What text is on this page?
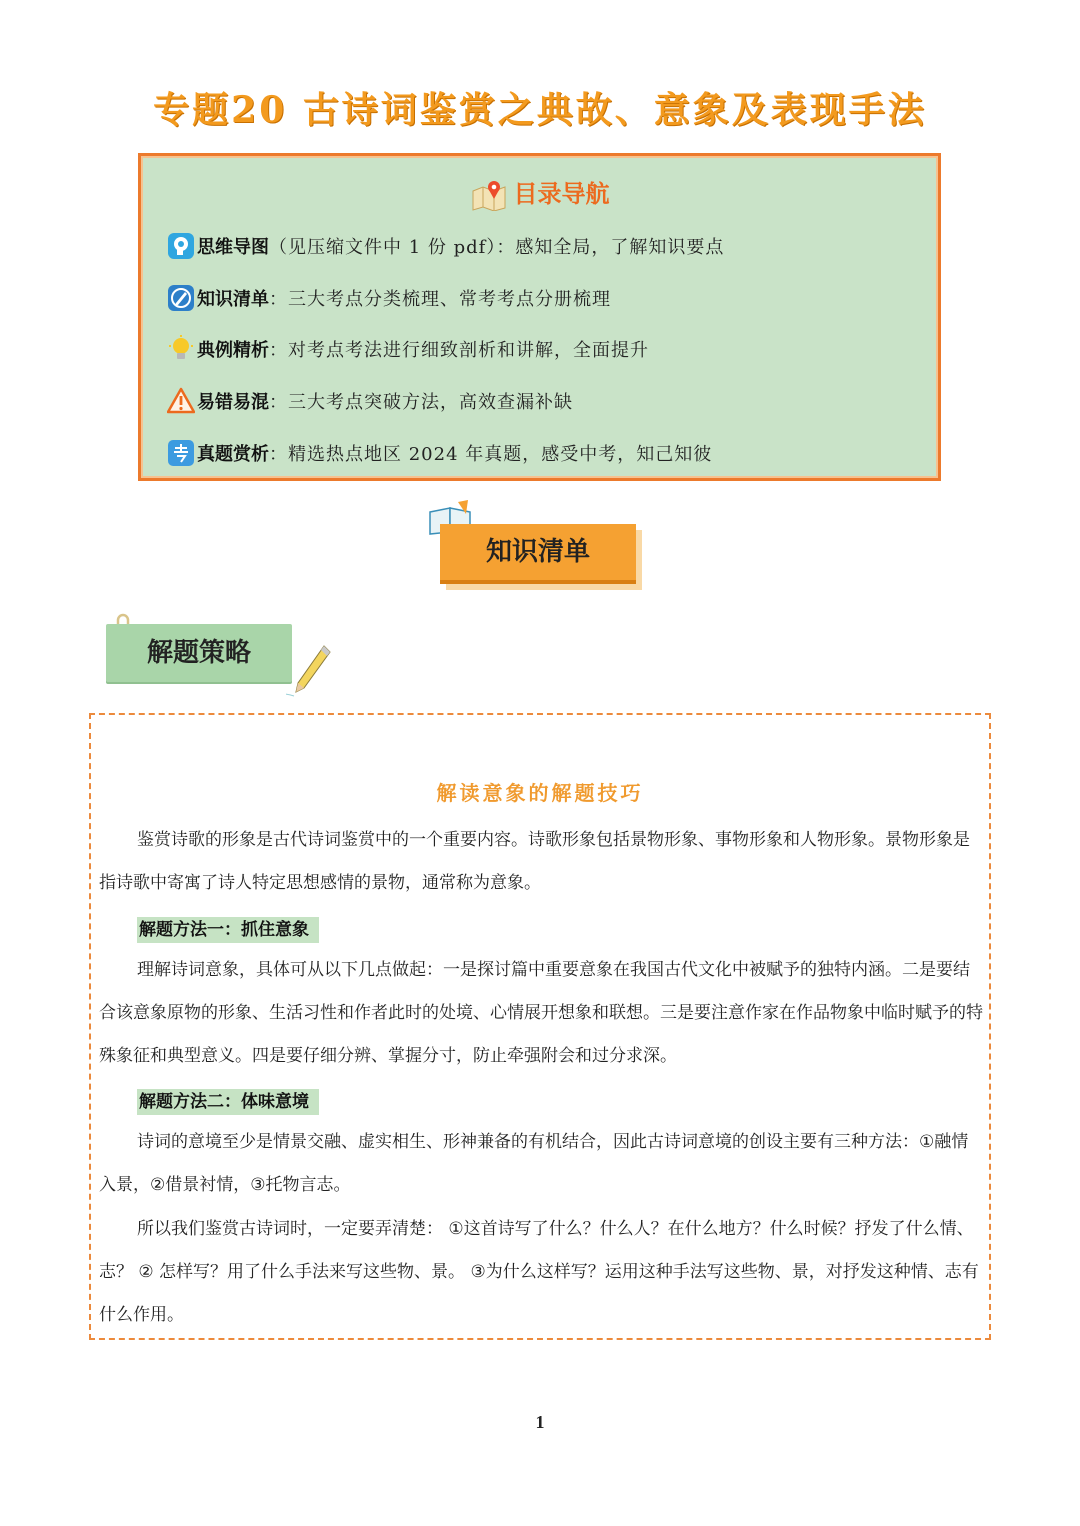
专题20 古诗词鉴赏之典故、意象及表现手法
目录导航
思维导图 （见压缩文件中 1 份 pdf）：感知全局，了解知识要点
知识清单 ：三大考点分类梳理、常考考点分册梳理
典例精析 ：对考点考法进行细致剖析和讲解，全面提升
易错易混 ：三大考点突破方法，高效查漏补缺
真题赏析 ：精选热点地区 2024 年真题，感受中考，知己知彼
知识清单
解题策略
解读意象的解题技巧
鉴赏诗歌的形象是古代诗词鉴赏中的一个重要内容。诗歌形象包括景物形象、事物形象和人物形象。景物形象是指诗歌中寄寓了诗人特定思想感情的景物，通常称为意象。
解题方法一：抓住意象
理解诗词意象，具体可从以下几点做起：一是探讨篇中重要意象在我国古代文化中被赋予的独特内涵。二是要结合该意象原物的形象、生活习性和作者此时的处境、心情展开想象和联想。三是要注意作家在作品物象中临时赋予的特殊象征和典型意义。四是要仔细分辨、掌握分寸，防止牵强附会和过分求深。
解题方法二：体味意境
诗词的意境至少是情景交融、虚实相生、形神兼备的有机结合，因此古诗词意境的创设主要有三种方法：①融情入景，②借景衬情，③托物言志。
所以我们鉴赏古诗词时，一定要弄清楚： ①这首诗写了什么？什么人？在什么地方？什么时候？抒发了什么情、志？ ② 怎样写？用了什么手法来写这些物、景。 ③为什么这样写？运用这种手法写这些物、景，对抒发这种情、志有什么作用。
1
